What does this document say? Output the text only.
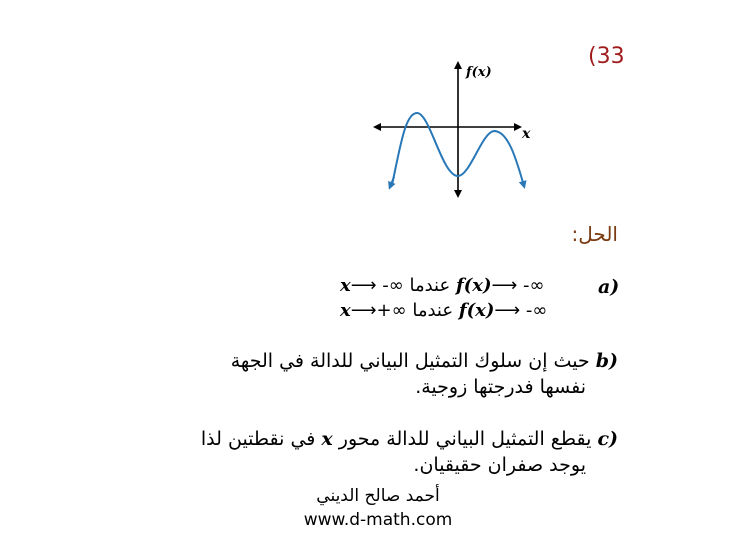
(33
f(x)
x
الحل:
a)
x⟶ -∞ عندما f(x)⟶ -∞
x⟶+∞ عندما f(x)⟶ -∞
b) حيث إن سلوك التمثيل البياني للدالة في الجهة
نفسها فدرجتها زوجية.
c) يقطع التمثيل البياني للدالة محور x في نقطتين لذا
يوجد صفران حقيقيان.
أحمد صالح الديني
www.d-math.com
